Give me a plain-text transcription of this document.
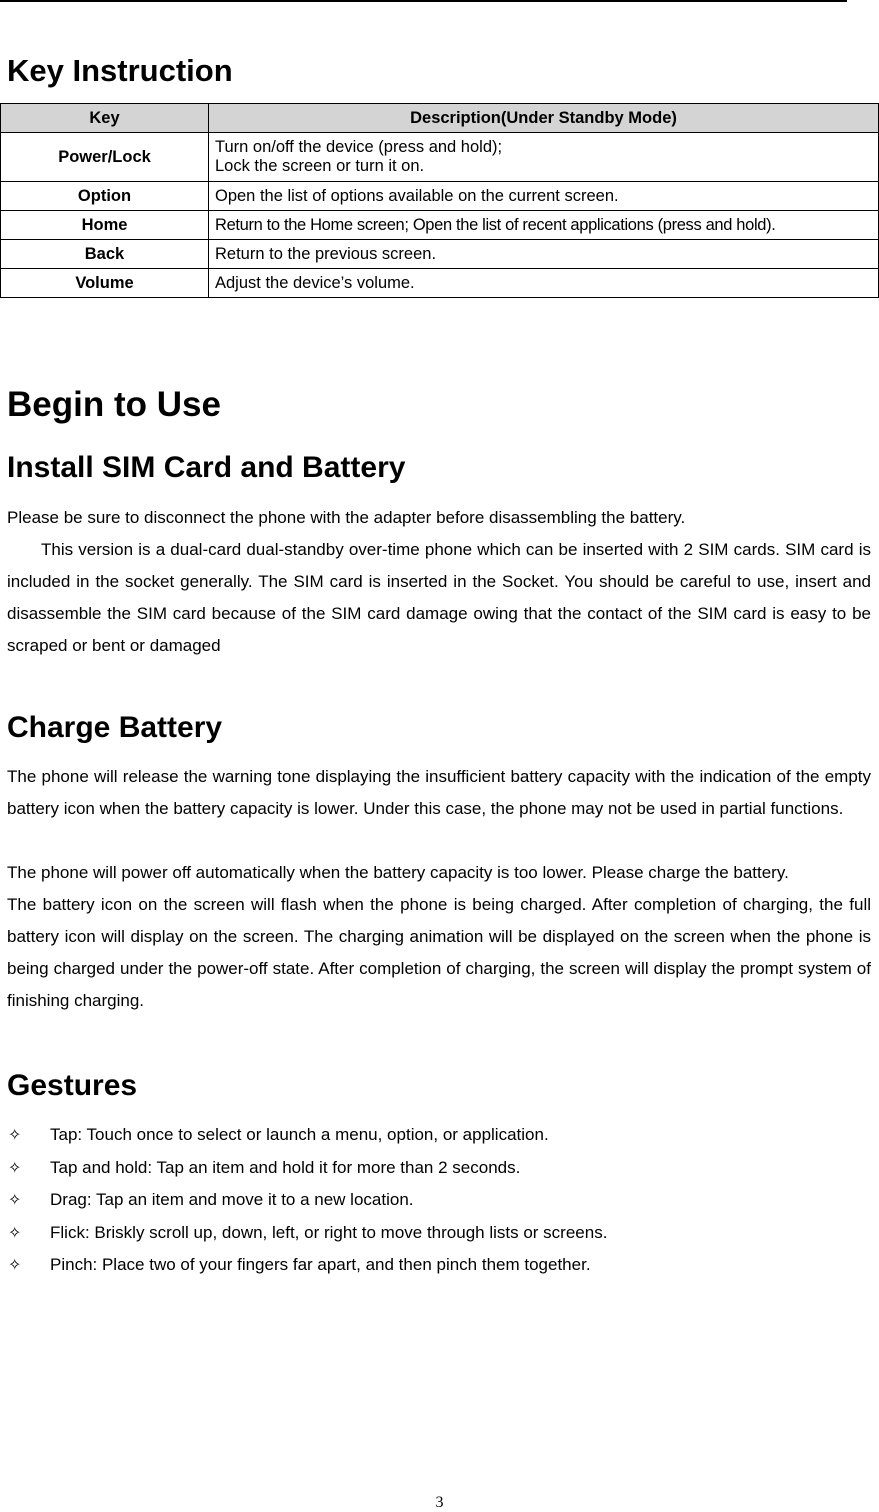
Key Instruction
Key	Description(Under Standby Mode)
Power/Lock	Turn on/off the device (press and hold);
Lock the screen or turn it on.

Option	Open the list of options available on the current screen.
Home	Return to the Home screen; Open the list of recent applications (press and hold).
Back	Return to the previous screen.
Volume	Adjust the device’s volume.
Begin to Use
Install SIM Card and Battery

Please be sure to disconnect the phone with the adapter before disassembling the battery.

This version is a dual-card dual-standby over-time phone which can be inserted with 2 SIM cards. SIM card is included in the socket generally. The SIM card is inserted in the Socket. You should be careful to use, insert and disassemble the SIM card because of the SIM card damage owing that the contact of the SIM card is easy to be scraped or bent or damaged

Charge Battery

The phone will release the warning tone displaying the insufficient battery capacity with the indication of the empty battery icon when the battery capacity is lower. Under this case, the phone may not be used in partial functions.

The phone will power off automatically when the battery capacity is too lower. Please charge the battery.

The battery icon on the screen will flash when the phone is being charged. After completion of charging, the full battery icon will display on the screen. The charging animation will be displayed on the screen when the phone is being charged under the power-off state. After completion of charging, the screen will display the prompt system of finishing charging.

Gestures
✧ Tap: Touch once to select or launch a menu, option, or application.
✧ Tap and hold: Tap an item and hold it for more than 2 seconds.
✧ Drag: Tap an item and move it to a new location.
✧ Flick: Briskly scroll up, down, left, or right to move through lists or screens.
✧ Pinch: Place two of your fingers far apart, and then pinch them together.
3
